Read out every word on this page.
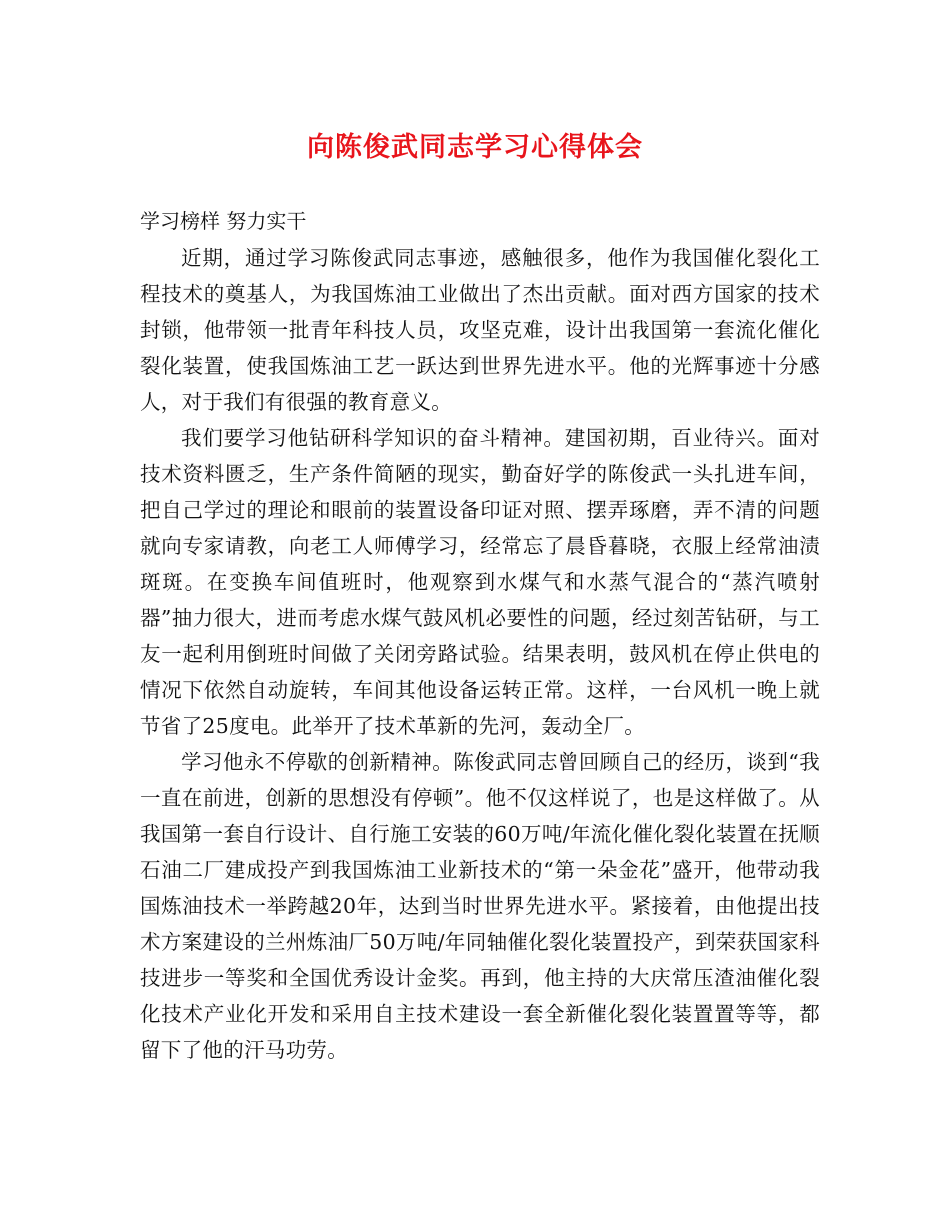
向陈俊武同志学习心得体会
学习榜样 努力实干

近期，通过学习陈俊武同志事迹，感触很多，他作为我国催化裂化工程技术的奠基人，为我国炼油工业做出了杰出贡献。面对西方国家的技术封锁，他带领一批青年科技人员，攻坚克难，设计出我国第一套流化催化裂化装置，使我国炼油工艺一跃达到世界先进水平。他的光辉事迹十分感人，对于我们有很强的教育意义。

我们要学习他钻研科学知识的奋斗精神。建国初期，百业待兴。面对技术资料匮乏，生产条件简陋的现实，勤奋好学的陈俊武一头扎进车间，把自己学过的理论和眼前的装置设备印证对照、摆弄琢磨，弄不清的问题就向专家请教，向老工人师傅学习，经常忘了晨昏暮晓，衣服上经常油渍斑斑。在变换车间值班时，他观察到水煤气和水蒸气混合的“蒸汽喷射器”抽力很大，进而考虑水煤气鼓风机必要性的问题，经过刻苦钻研，与工友一起利用倒班时间做了关闭旁路试验。结果表明，鼓风机在停止供电的情况下依然自动旋转，车间其他设备运转正常。这样，一台风机一晚上就节省了25度电。此举开了技术革新的先河，轰动全厂。

学习他永不停歇的创新精神。陈俊武同志曾回顾自己的经历，谈到“我一直在前进，创新的思想没有停顿”。他不仅这样说了，也是这样做了。从我国第一套自行设计、自行施工安装的60万吨/年流化催化裂化装置在抚顺石油二厂建成投产到我国炼油工业新技术的“第一朵金花”盛开，他带动我国炼油技术一举跨越20年，达到当时世界先进水平。紧接着，由他提出技术方案建设的兰州炼油厂50万吨/年同轴催化裂化装置投产，到荣获国家科技进步一等奖和全国优秀设计金奖。再到，他主持的大庆常压渣油催化裂化技术产业化开发和采用自主技术建设一套全新催化裂化装置置等等，都留下了他的汗马功劳。
